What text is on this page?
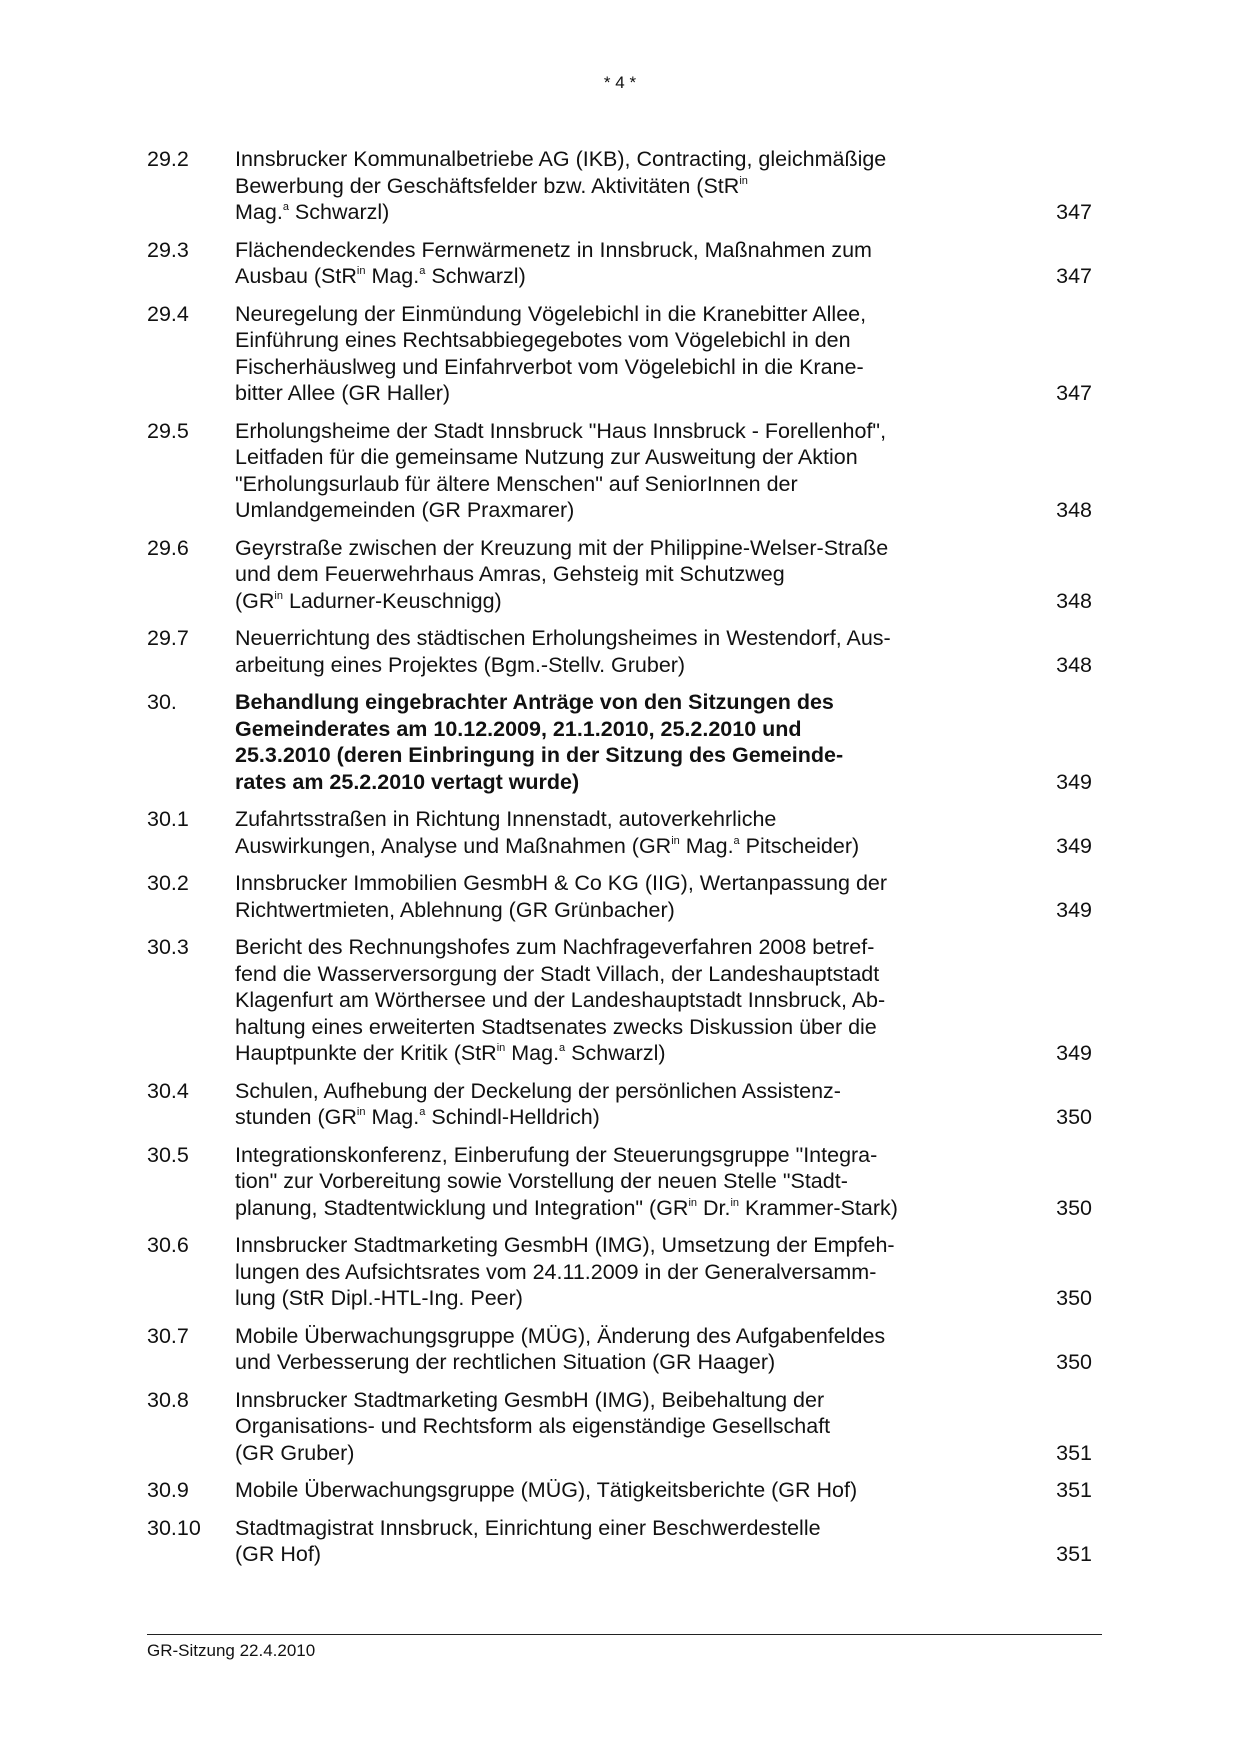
* 4 *
29.2	Innsbrucker Kommunalbetriebe AG (IKB), Contracting, gleichmäßige
Bewerbung der Geschäftsfelder bzw. Aktivitäten (StR$^{in}$
Mag.$^a$ Schwarzl)	347
29.3	Flächendeckendes Fernwärmenetz in Innsbruck, Maßnahmen zum
Ausbau (StR$^{in}$ Mag.$^a$ Schwarzl)	347
29.4	Neuregelung der Einmündung Vögelebichl in die Kranebitter Allee,
Einführung eines Rechtsabbiegegebotes vom Vögelebichl in den
Fischerhäuslweg und Einfahrverbot vom Vögelebichl in die Krane-
bitter Allee (GR Haller)	347
29.5	Erholungsheime der Stadt Innsbruck "Haus Innsbruck - Forellenhof",
Leitfaden für die gemeinsame Nutzung zur Ausweitung der Aktion
"Erholungsurlaub für ältere Menschen" auf SeniorInnen der
Umlandgemeinden (GR Praxmarer)	348
29.6	Geyrstraße zwischen der Kreuzung mit der Philippine-Welser-Straße
und dem Feuerwehrhaus Amras, Gehsteig mit Schutzweg
($GR^{in}$ Ladurner-Keuschnigg)	348
29.7	Neuerrichtung des städtischen Erholungsheimes in Westendorf, Aus-
arbeitung eines Projektes (Bgm.-Stellv. Gruber)	348
30.	Behandlung eingebrachter Anträge von den Sitzungen des
Gemeinderates am 10.12.2009, 21.1.2010, 25.2.2010 und
25.3.2010 (deren Einbringung in der Sitzung des Gemeinde-
rates am 25.2.2010 vertagt wurde)	349
30.1	Zufahrtsstraßen in Richtung Innenstadt, autoverkehrliche
Auswirkungen, Analyse und Maßnahmen ($GR^{in}$ Mag.$^a$ Pitscheider)	349
30.2	Innsbrucker Immobilien GesmbH & Co KG (IIG), Wertanpassung der
Richtwertmieten, Ablehnung (GR Grünbacher)	349
30.3	Bericht des Rechnungshofes zum Nachfrageverfahren 2008 betref-
fend die Wasserversorgung der Stadt Villach, der Landeshauptstadt
Klagenfurt am Wörthersee und der Landeshauptstadt Innsbruck, Ab-
haltung eines erweiterten Stadtsenates zwecks Diskussion über die
Hauptpunkte der Kritik (StR$^{in}$ Mag.$^a$ Schwarzl)	349
30.4	Schulen, Aufhebung der Deckelung der persönlichen Assistenz-
stunden ($GR^{in}$ Mag.$^a$ Schindl-Helldrich)	350
30.5	Integrationskonferenz, Einberufung der Steuerungsgruppe "Integra-
tion" zur Vorbereitung sowie Vorstellung der neuen Stelle "Stadt-
planung, Stadtentwicklung und Integration" ($GR^{in}$ Dr.$^{in}$ Krammer-Stark)	350
30.6	Innsbrucker Stadtmarketing GesmbH (IMG), Umsetzung der Empfeh-
lungen des Aufsichtsrates vom 24.11.2009 in der Generalversamm-
lung (StR Dipl.-HTL-Ing. Peer)	350
30.7	Mobile Überwachungsgruppe (MÜG), Änderung des Aufgabenfeldes
und Verbesserung der rechtlichen Situation (GR Haager)	350
30.8	Innsbrucker Stadtmarketing GesmbH (IMG), Beibehaltung der
Organisations- und Rechtsform als eigenständige Gesellschaft
(GR Gruber)	351
30.9	Mobile Überwachungsgruppe (MÜG), Tätigkeitsberichte (GR Hof)	351
30.10	Stadtmagistrat Innsbruck, Einrichtung einer Beschwerdestelle
(GR Hof)	351
GR-Sitzung 22.4.2010
